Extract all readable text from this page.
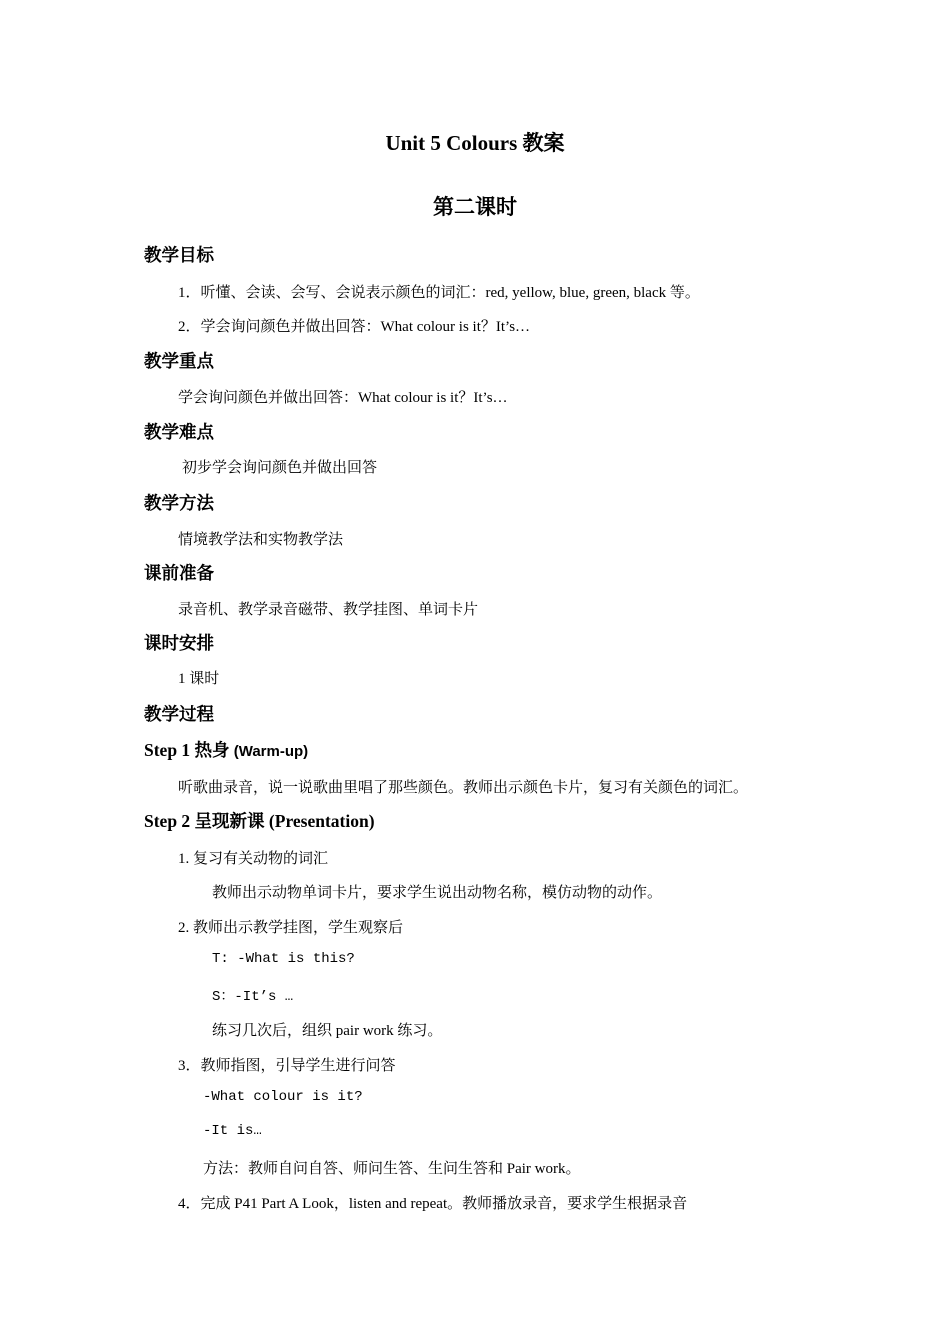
Unit 5 Colours 教案
第二课时
教学目标
1．听懂、会读、会写、会说表示颜色的词汇：red, yellow, blue, green, black 等。
2．学会询问颜色并做出回答：What colour is it？It’s…
教学重点
学会询问颜色并做出回答：What colour is it？It’s…
教学难点
初步学会询问颜色并做出回答
教学方法
情境教学法和实物教学法
课前准备
录音机、教学录音磁带、教学挂图、单词卡片
课时安排
1 课时
教学过程
Step 1 热身 (Warm-up)
听歌曲录音，说一说歌曲里唱了那些颜色。教师出示颜色卡片，复习有关颜色的词汇。
Step 2 呈现新课 (Presentation)
1. 复习有关动物的词汇
教师出示动物单词卡片，要求学生说出动物名称，模仿动物的动作。
2. 教师出示教学挂图，学生观察后
T: -What is this?
S：-It’s …
练习几次后，组织 pair work 练习。
3．教师指图，引导学生进行问答
-What colour is it?
-It is…
方法：教师自问自答、师问生答、生问生答和 Pair work。
4．完成 P41 Part A Look，listen and repeat。教师播放录音，要求学生根据录音
